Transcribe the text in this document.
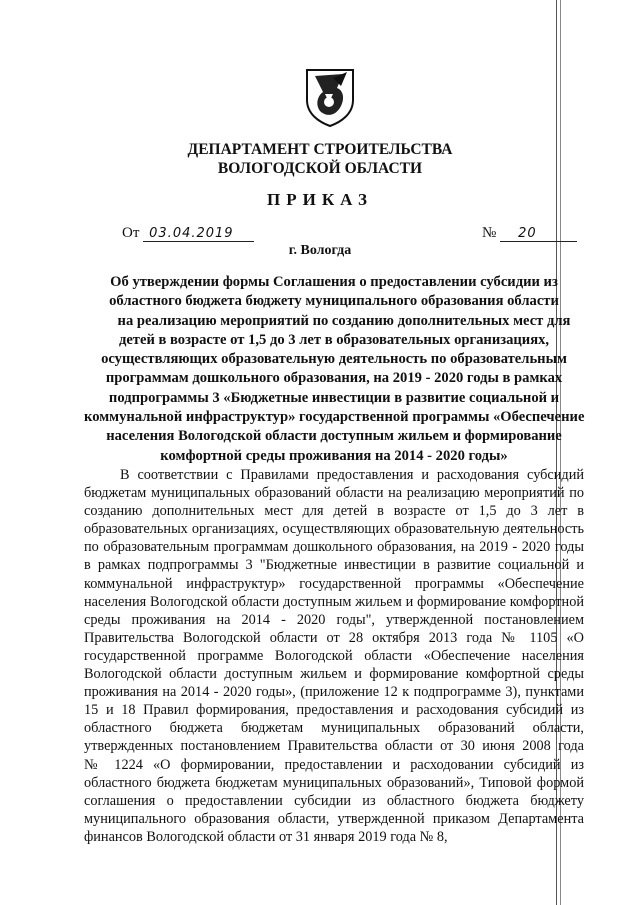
ДЕПАРТАМЕНТ СТРОИТЕЛЬСТВА
ВОЛОГОДСКОЙ ОБЛАСТИ
ПРИКАЗ
От 03.04.2019	№ 20
г. Вологда
Об утверждении формы Соглашения о предоставлении субсидии из
областного бюджета бюджету муниципального образования области
на реализацию мероприятий по созданию дополнительных мест для
детей в возрасте от 1,5 до 3 лет в образовательных организациях,
осуществляющих образовательную деятельность по образовательным
программам дошкольного образования, на 2019 - 2020 годы в рамках
подпрограммы 3 «Бюджетные инвестиции в развитие социальной и
коммунальной инфраструктур» государственной программы «Обеспечение
населения Вологодской области доступным жильем и формирование
комфортной среды проживания на 2014 - 2020 годы»
В соответствии с Правилами предоставления и расходования субсидий
бюджетам муниципальных образований области на реализацию мероприятий по
созданию дополнительных мест для детей в возрасте от 1,5 до 3 лет в
образовательных организациях, осуществляющих образовательную деятельность
по образовательным программам дошкольного образования, на 2019 - 2020 годы
в рамках подпрограммы 3 "Бюджетные инвестиции в развитие социальной и
коммунальной инфраструктур» государственной программы «Обеспечение
населения Вологодской области доступным жильем и формирование комфортной
среды проживания на 2014 - 2020 годы", утвержденной постановлением
Правительства Вологодской области от 28 октября 2013 года № 1105 «О
государственной программе Вологодской области «Обеспечение населения
Вологодской области доступным жильем и формирование комфортной среды
проживания на 2014 - 2020 годы», (приложение 12 к подпрограмме 3), пунктами
15 и 18 Правил формирования, предоставления и расходования субсидий из
областного бюджета бюджетам муниципальных образований области,
утвержденных постановлением Правительства области от 30 июня 2008 года
№ 1224 «О формировании, предоставлении и расходовании субсидий из
областного бюджета бюджетам муниципальных образований», Типовой формой
соглашения о предоставлении субсидии из областного бюджета бюджету
муниципального образования области, утвержденной приказом Департамента
финансов Вологодской области от 31 января 2019 года № 8,
